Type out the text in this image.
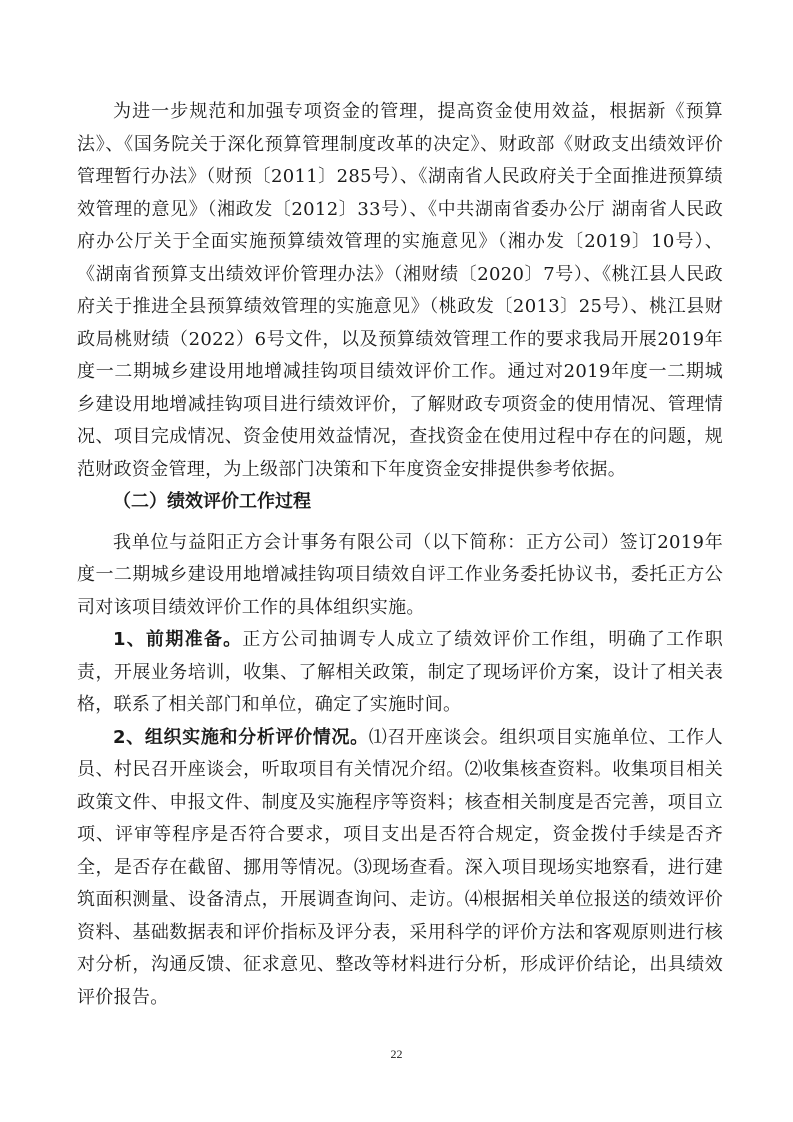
为进一步规范和加强专项资金的管理，提高资金使用效益，根据新《预算法》、《国务院关于深化预算管理制度改革的决定》、财政部《财政支出绩效评价管理暂行办法》（财预〔2011〕285号）、《湖南省人民政府关于全面推进预算绩效管理的意见》（湘政发〔2012〕33号）、《中共湖南省委办公厅 湖南省人民政府办公厅关于全面实施预算绩效管理的实施意见》（湘办发〔2019〕10号）、《湖南省预算支出绩效评价管理办法》（湘财绩〔2020〕7号）、《桃江县人民政府关于推进全县预算绩效管理的实施意见》（桃政发〔2013〕25号）、桃江县财政局桃财绩（2022）6号文件，以及预算绩效管理工作的要求我局开展2019年度一二期城乡建设用地增减挂钩项目绩效评价工作。通过对2019年度一二期城乡建设用地增减挂钩项目进行绩效评价，了解财政专项资金的使用情况、管理情况、项目完成情况、资金使用效益情况，查找资金在使用过程中存在的问题，规范财政资金管理，为上级部门决策和下年度资金安排提供参考依据。

（二）绩效评价工作过程

我单位与益阳正方会计事务有限公司（以下简称：正方公司）签订2019年度一二期城乡建设用地增减挂钩项目绩效自评工作业务委托协议书，委托正方公司对该项目绩效评价工作的具体组织实施。

1、前期准备。正方公司抽调专人成立了绩效评价工作组，明确了工作职责，开展业务培训，收集、了解相关政策，制定了现场评价方案，设计了相关表格，联系了相关部门和单位，确定了实施时间。

2、组织实施和分析评价情况。⑴召开座谈会。组织项目实施单位、工作人员、村民召开座谈会，听取项目有关情况介绍。⑵收集核查资料。收集项目相关政策文件、申报文件、制度及实施程序等资料；核查相关制度是否完善，项目立项、评审等程序是否符合要求，项目支出是否符合规定，资金拨付手续是否齐全，是否存在截留、挪用等情况。⑶现场查看。深入项目现场实地察看，进行建筑面积测量、设备清点，开展调查询问、走访。⑷根据相关单位报送的绩效评价资料、基础数据表和评价指标及评分表，采用科学的评价方法和客观原则进行核对分析，沟通反馈、征求意见、整改等材料进行分析，形成评价结论，出具绩效评价报告。

22
